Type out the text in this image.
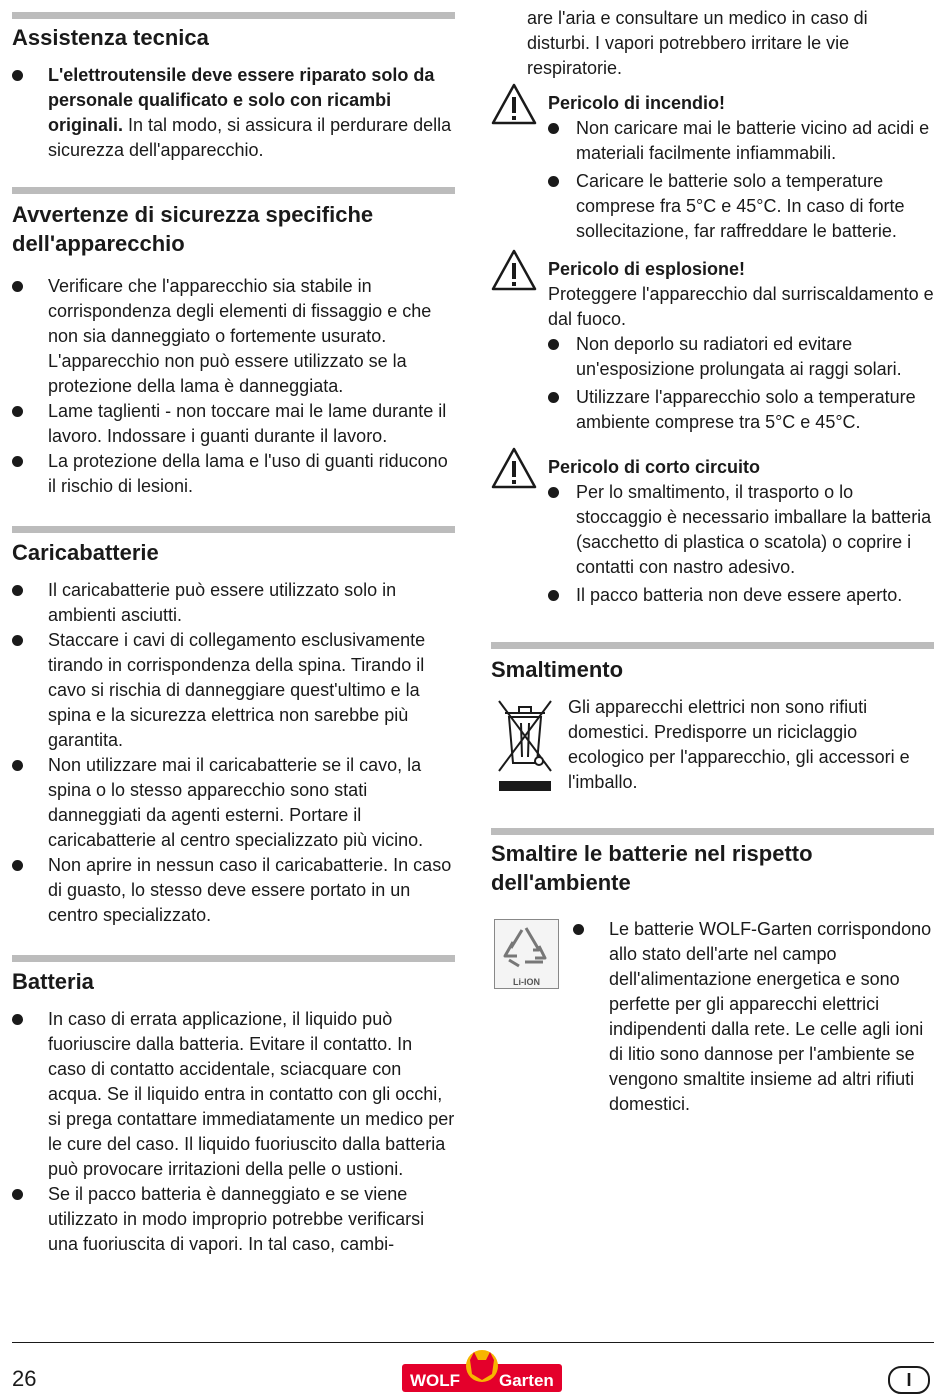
Assistenza tecnica
L'elettroutensile deve essere riparato solo da personale qualificato e solo con ricambi originali. In tal modo, si assicura il perdurare della sicurezza dell'apparecchio.
Avvertenze di sicurezza specifiche dell'apparecchio
Verificare che l'apparecchio sia stabile in corrispondenza degli elementi di fissaggio e che non sia danneggiato o fortemente usurato. L'apparecchio non può essere utilizzato se la protezione della lama è danneggiata.
Lame taglienti - non toccare mai le lame durante il lavoro. Indossare i guanti durante il lavoro.
La protezione della lama e l'uso di guanti riducono il rischio di lesioni.
Caricabatterie
Il caricabatterie può essere utilizzato solo in ambienti asciutti.
Staccare i cavi di collegamento esclusivamente tirando in corrispondenza della spina. Tirando il cavo si rischia di danneggiare quest'ultimo e la spina e la sicurezza elettrica non sarebbe più garantita.
Non utilizzare mai il caricabatterie se il cavo, la spina o lo stesso apparecchio sono stati danneggiati da agenti esterni. Portare il caricabatterie al centro specializzato più vicino.
Non aprire in nessun caso il caricabatterie. In caso di guasto, lo stesso deve essere portato in un centro specializzato.
Batteria
In caso di errata applicazione, il liquido può fuoriuscire dalla batteria. Evitare il contatto. In caso di contatto accidentale, sciacquare con acqua. Se il liquido entra in contatto con gli occhi, si prega contattare immediatamente un medico per le cure del caso. Il liquido fuoriuscito dalla batteria può provocare irritazioni della pelle o ustioni.
Se il pacco batteria è danneggiato e se viene utilizzato in modo improprio potrebbe verificarsi una fuoriuscita di vapori. In tal caso, cambi-

are l'aria e consultare un medico in caso di disturbi. I vapori potrebbero irritare le vie respiratorie.

Pericolo di incendio!
Non caricare mai le batterie vicino ad acidi e materiali facilmente infiammabili.
Caricare le batterie solo a temperature comprese fra 5°C e 45°C. In caso di forte sollecitazione, far raffreddare le batterie.
Pericolo di esplosione!

Proteggere l'apparecchio dal surriscaldamento e dal fuoco.

Non deporlo su radiatori ed evitare un'esposizione prolungata ai raggi solari.
Utilizzare l'apparecchio solo a temperature ambiente comprese tra 5°C e 45°C.
Pericolo di corto circuito
Per lo smaltimento, il trasporto o lo stoccaggio è necessario imballare la batteria (sacchetto di plastica o scatola) o coprire i contatti con nastro adesivo.
Il pacco batteria non deve essere aperto.
Smaltimento

Gli apparecchi elettrici non sono rifiuti domestici. Predisporre un riciclaggio ecologico per l'apparecchio, gli accessori e l'imballo.

Smaltire le batterie nel rispetto dell'ambiente
Li-ION
Le batterie WOLF-Garten corrispondono allo stato dell'arte nel campo dell'alimentazione energetica e sono perfette per gli apparecchi elettrici indipendenti dalla rete. Le celle agli ioni di litio sono dannose per l'ambiente se vengono smaltite insieme ad altri rifiuti domestici.
26	WOLF Garten	I
